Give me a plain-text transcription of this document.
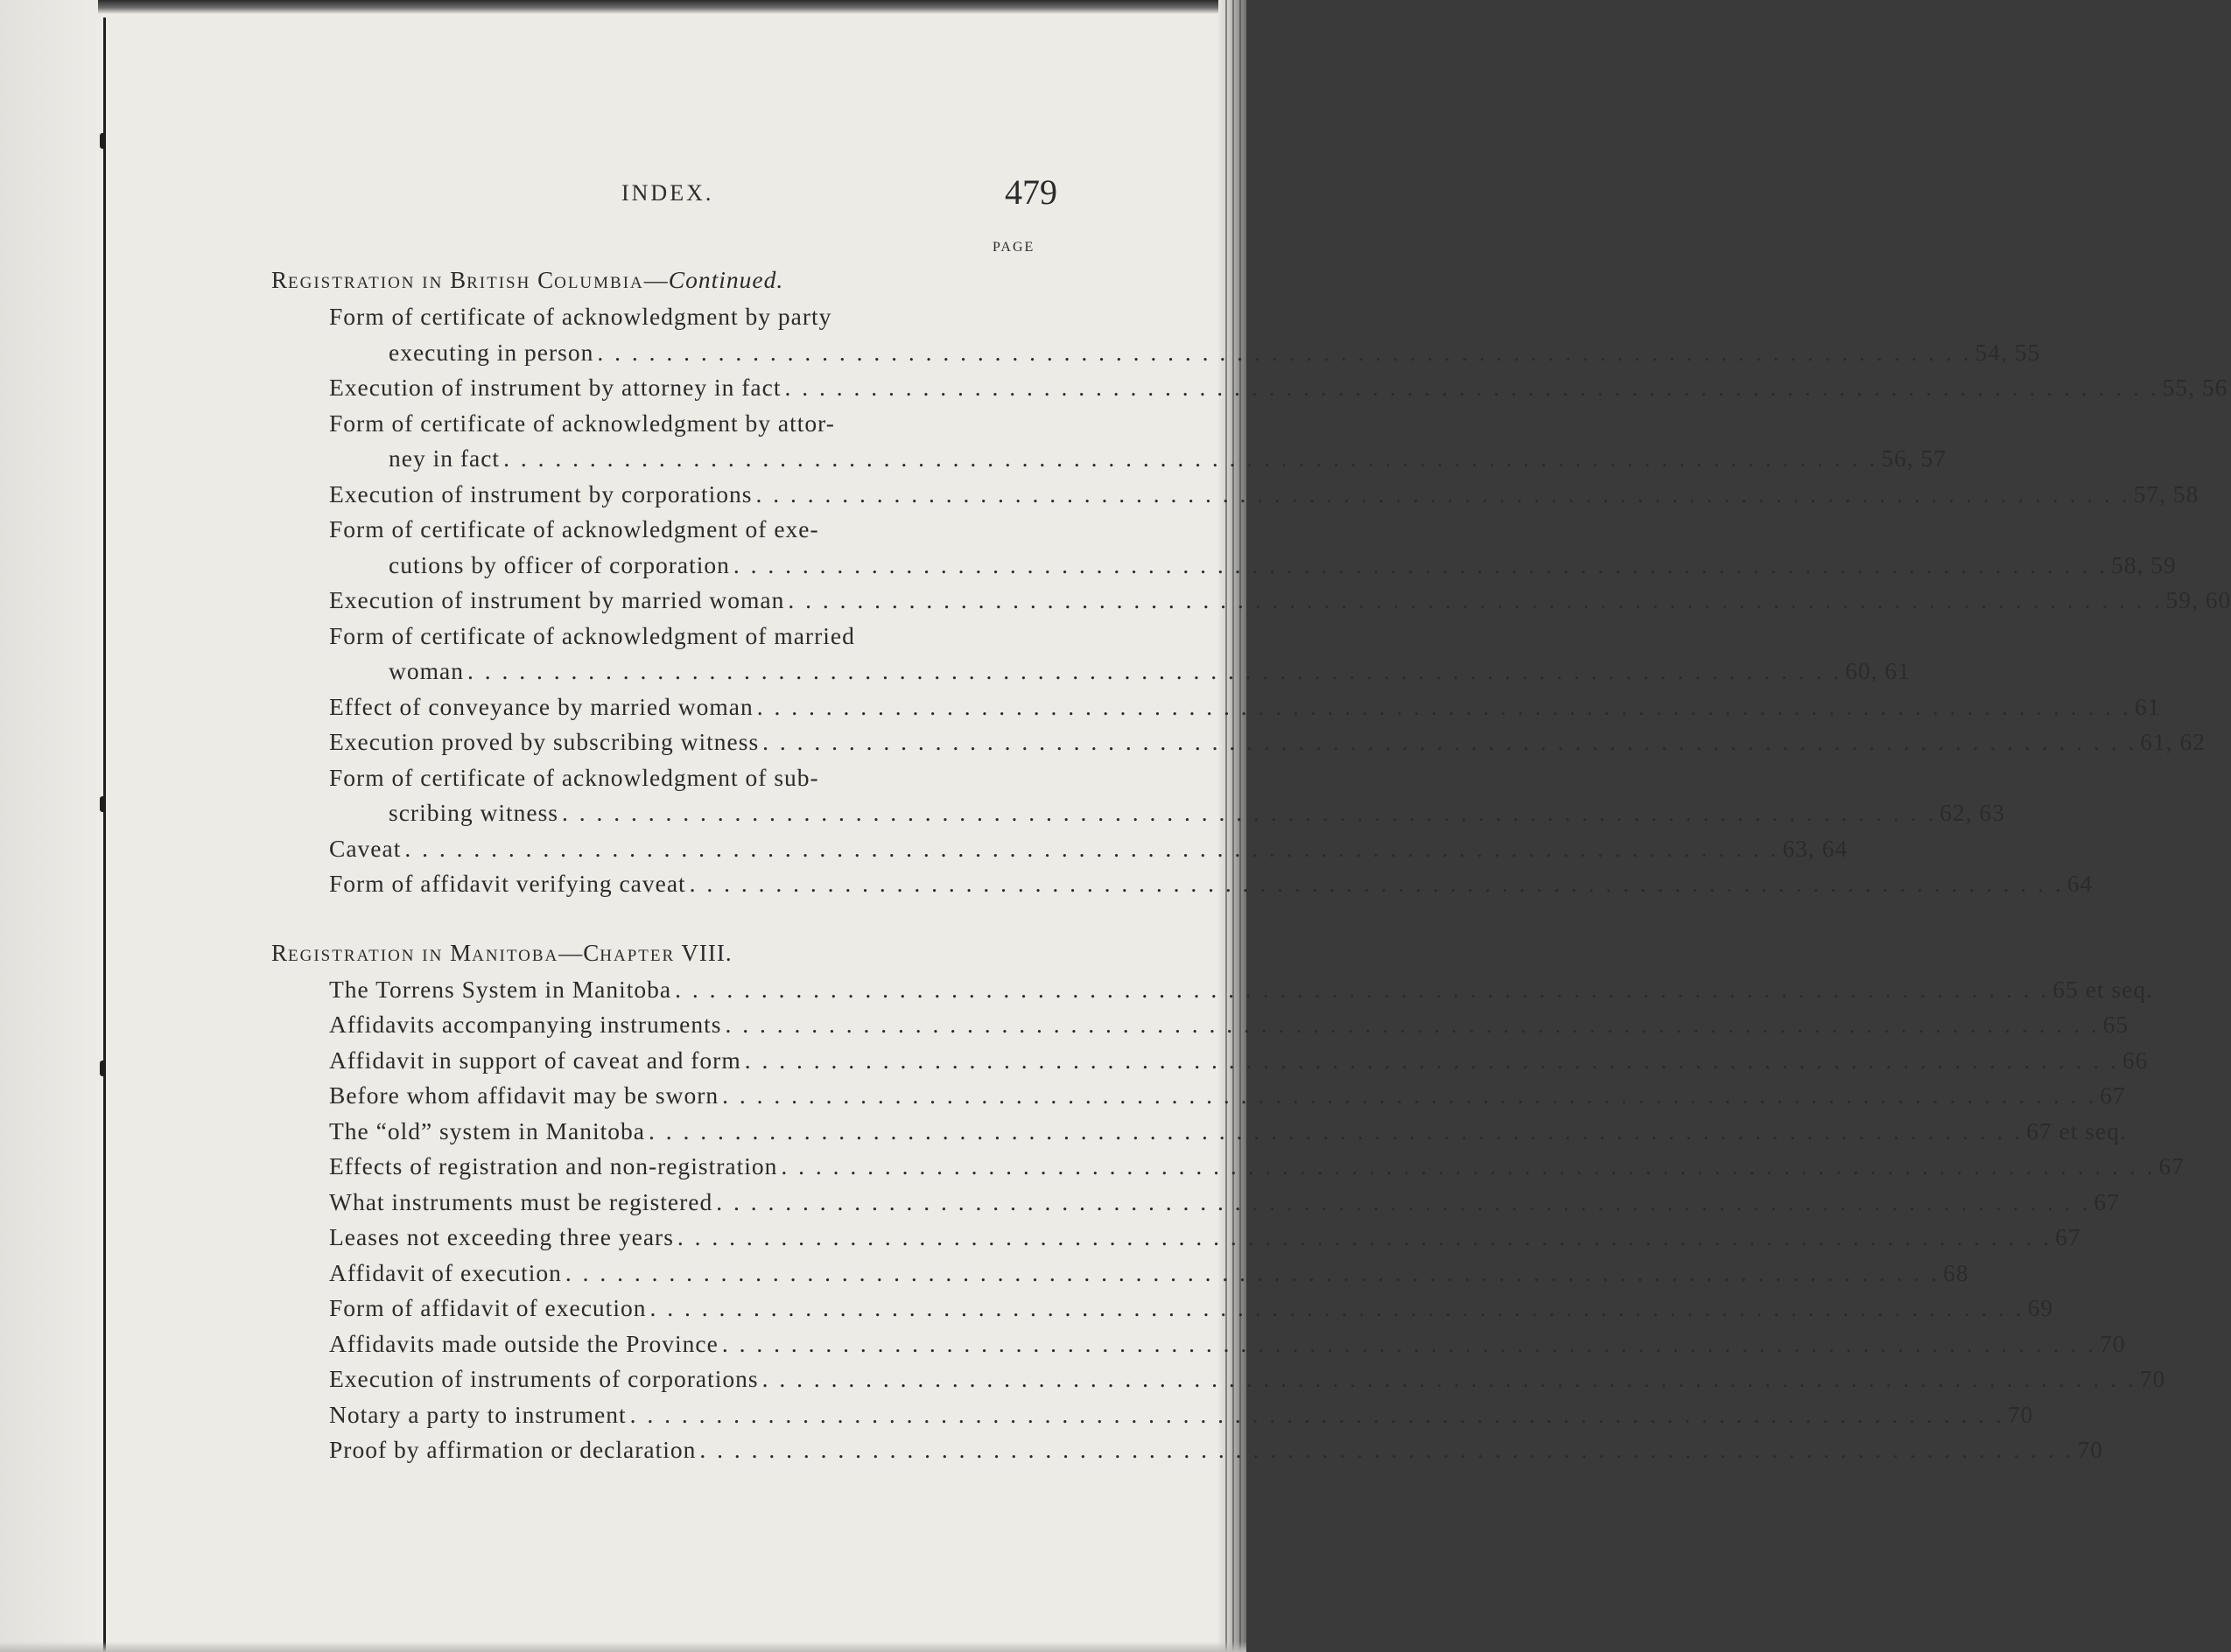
INDEX.	479
PAGE
REGISTRATION IN BRITISH COLUMBIA—Continued.
Form of certificate of acknowledgment by party
executing in person . . . . . . . . . . . . . . . . . . . . . . . . . . . . . . . . . . . . . . . . . . . . . . . . . . . . . . . . . . . . . . . . . . . . . . . . . . . . . . . . 54, 55
Execution of instrument by attorney in fact . . . . . . . . . . . . . . . . . . . . . . . . . . . . . . . . . . . . . . . . . . . . . . . . . . . . . . . . . . . . . . . . . . . . . . . . . . . . . . . . 55, 56
Form of certificate of acknowledgment by attor-
ney in fact . . . . . . . . . . . . . . . . . . . . . . . . . . . . . . . . . . . . . . . . . . . . . . . . . . . . . . . . . . . . . . . . . . . . . . . . . . . . . . . . 56, 57
Execution of instrument by corporations . . . . . . . . . . . . . . . . . . . . . . . . . . . . . . . . . . . . . . . . . . . . . . . . . . . . . . . . . . . . . . . . . . . . . . . . . . . . . . . . 57, 58
Form of certificate of acknowledgment of exe-
cutions by officer of corporation . . . . . . . . . . . . . . . . . . . . . . . . . . . . . . . . . . . . . . . . . . . . . . . . . . . . . . . . . . . . . . . . . . . . . . . . . . . . . . . . 58, 59
Execution of instrument by married woman . . . . . . . . . . . . . . . . . . . . . . . . . . . . . . . . . . . . . . . . . . . . . . . . . . . . . . . . . . . . . . . . . . . . . . . . . . . . . . . . 59, 60
Form of certificate of acknowledgment of married
woman . . . . . . . . . . . . . . . . . . . . . . . . . . . . . . . . . . . . . . . . . . . . . . . . . . . . . . . . . . . . . . . . . . . . . . . . . . . . . . . . 60, 61
Effect of conveyance by married woman . . . . . . . . . . . . . . . . . . . . . . . . . . . . . . . . . . . . . . . . . . . . . . . . . . . . . . . . . . . . . . . . . . . . . . . . . . . . . . . . 61
Execution proved by subscribing witness . . . . . . . . . . . . . . . . . . . . . . . . . . . . . . . . . . . . . . . . . . . . . . . . . . . . . . . . . . . . . . . . . . . . . . . . . . . . . . . . 61, 62
Form of certificate of acknowledgment of sub-
scribing witness . . . . . . . . . . . . . . . . . . . . . . . . . . . . . . . . . . . . . . . . . . . . . . . . . . . . . . . . . . . . . . . . . . . . . . . . . . . . . . . . 62, 63
Caveat . . . . . . . . . . . . . . . . . . . . . . . . . . . . . . . . . . . . . . . . . . . . . . . . . . . . . . . . . . . . . . . . . . . . . . . . . . . . . . . . 63, 64
Form of affidavit verifying caveat . . . . . . . . . . . . . . . . . . . . . . . . . . . . . . . . . . . . . . . . . . . . . . . . . . . . . . . . . . . . . . . . . . . . . . . . . . . . . . . . 64
REGISTRATION IN MANITOBA—CHAPTER VIII.
The Torrens System in Manitoba . . . . . . . . . . . . . . . . . . . . . . . . . . . . . . . . . . . . . . . . . . . . . . . . . . . . . . . . . . . . . . . . . . . . . . . . . . . . . . . . 65 et seq.
Affidavits accompanying instruments . . . . . . . . . . . . . . . . . . . . . . . . . . . . . . . . . . . . . . . . . . . . . . . . . . . . . . . . . . . . . . . . . . . . . . . . . . . . . . . . 65
Affidavit in support of caveat and form . . . . . . . . . . . . . . . . . . . . . . . . . . . . . . . . . . . . . . . . . . . . . . . . . . . . . . . . . . . . . . . . . . . . . . . . . . . . . . . . 66
Before whom affidavit may be sworn . . . . . . . . . . . . . . . . . . . . . . . . . . . . . . . . . . . . . . . . . . . . . . . . . . . . . . . . . . . . . . . . . . . . . . . . . . . . . . . . 67
The “old” system in Manitoba . . . . . . . . . . . . . . . . . . . . . . . . . . . . . . . . . . . . . . . . . . . . . . . . . . . . . . . . . . . . . . . . . . . . . . . . . . . . . . . . 67 et seq.
Effects of registration and non-registration . . . . . . . . . . . . . . . . . . . . . . . . . . . . . . . . . . . . . . . . . . . . . . . . . . . . . . . . . . . . . . . . . . . . . . . . . . . . . . . . 67
What instruments must be registered . . . . . . . . . . . . . . . . . . . . . . . . . . . . . . . . . . . . . . . . . . . . . . . . . . . . . . . . . . . . . . . . . . . . . . . . . . . . . . . . 67
Leases not exceeding three years . . . . . . . . . . . . . . . . . . . . . . . . . . . . . . . . . . . . . . . . . . . . . . . . . . . . . . . . . . . . . . . . . . . . . . . . . . . . . . . . 67
Affidavit of execution . . . . . . . . . . . . . . . . . . . . . . . . . . . . . . . . . . . . . . . . . . . . . . . . . . . . . . . . . . . . . . . . . . . . . . . . . . . . . . . . 68
Form of affidavit of execution . . . . . . . . . . . . . . . . . . . . . . . . . . . . . . . . . . . . . . . . . . . . . . . . . . . . . . . . . . . . . . . . . . . . . . . . . . . . . . . . 69
Affidavits made outside the Province . . . . . . . . . . . . . . . . . . . . . . . . . . . . . . . . . . . . . . . . . . . . . . . . . . . . . . . . . . . . . . . . . . . . . . . . . . . . . . . . 70
Execution of instruments of corporations . . . . . . . . . . . . . . . . . . . . . . . . . . . . . . . . . . . . . . . . . . . . . . . . . . . . . . . . . . . . . . . . . . . . . . . . . . . . . . . . 70
Notary a party to instrument . . . . . . . . . . . . . . . . . . . . . . . . . . . . . . . . . . . . . . . . . . . . . . . . . . . . . . . . . . . . . . . . . . . . . . . . . . . . . . . . 70
Proof by affirmation or declaration . . . . . . . . . . . . . . . . . . . . . . . . . . . . . . . . . . . . . . . . . . . . . . . . . . . . . . . . . . . . . . . . . . . . . . . . . . . . . . . . 70
